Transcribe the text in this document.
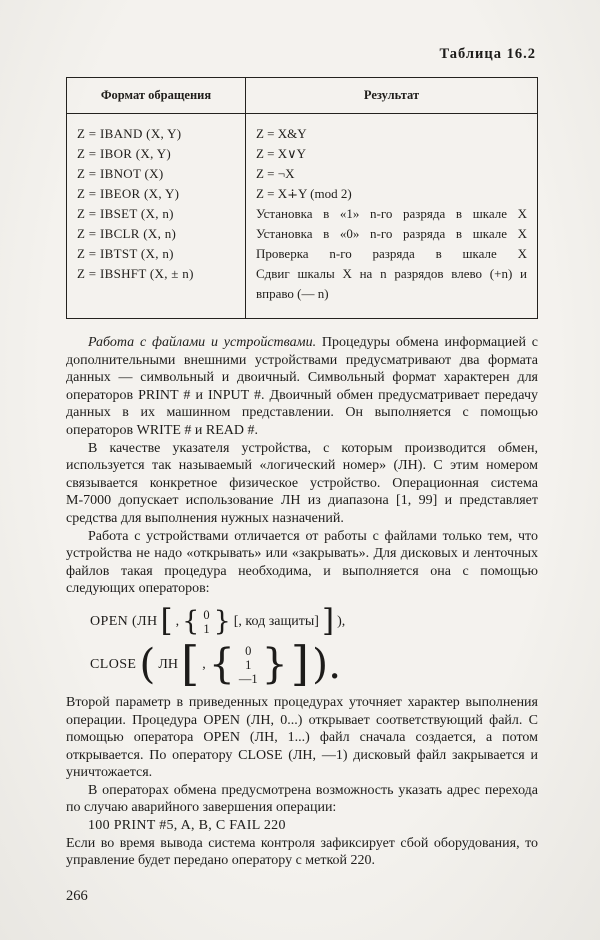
Таблица 16.2
Формат обращения	Результат
Z = IBAND (X, Y)	Z = X&Y
Z = IBOR (X, Y)	Z = X∨Y
Z = IBNOT (X)	Z = ¬X
Z = IBEOR (X, Y)	Z = X∔Y (mod 2)
Z = IBSET (X, n)	Установка в «1» n-го разряда в шкале X
Z = IBCLR (X, n)	Установка в «0» n-го разряда в шкале X
Z = IBTST (X, n)	Проверка n-го разряда в шкале X
Z = IBSHFT (X, ± n)	Сдвиг шкалы X на n разрядов влево (+n) и вправо (— n)

Работа с файлами и устройствами. Процедуры обмена информацией с дополнительными внешними устройствами предусматривают два формата данных — символьный и двоичный. Символьный формат характерен для операторов PRINT # и INPUT #. Двоичный обмен предусматривает передачу данных в их машинном представлении. Он выполняется с помощью операторов WRITE # и READ #.

В качестве указателя устройства, с которым производится обмен, используется так называемый «логический номер» (ЛН). С этим номером связывается конкретное физическое устройство. Операционная система М-7000 допускает использование ЛН из диапазона [1, 99] и представляет средства для выполнения нужных назначений.

Работа с устройствами отличается от работы с файлами только тем, что устройства не надо «открывать» или «закрывать». Для дисковых и ленточных файлов такая процедура необходима, и выполняется она с помощью следующих операторов:

OPEN (ЛН [ , { 0
1 } [, код защиты] ] ),
CLOSE ( ЛН [ , { 0
1
—1 } ] ).

Второй параметр в приведенных процедурах уточняет характер выполнения операции. Процедура OPEN (ЛН, 0...) открывает соответствующий файл. С помощью оператора OPEN (ЛН, 1...) файл сначала создается, а потом открывается. По оператору CLOSE (ЛН, —1) дисковый файл закрывается и уничтожается.

В операторах обмена предусмотрена возможность указать адрес перехода по случаю аварийного завершения операции:

100 PRINT #5, A, B, C FAIL 220

Если во время вывода система контроля зафиксирует сбой оборудования, то управление будет передано оператору с меткой 220.

266
